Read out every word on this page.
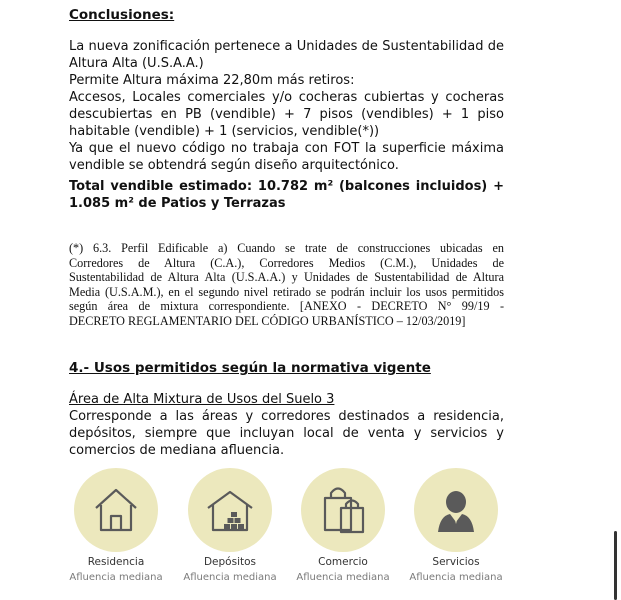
Conclusiones:
La nueva zonificación pertenece a Unidades de Sustentabilidad de
Altura Alta (U.S.A.A.)
Permite Altura máxima 22,80m más retiros:
Accesos, Locales comerciales y/o cocheras cubiertas y cocheras
descubiertas en PB (vendible) + 7 pisos (vendibles) + 1 piso
habitable (vendible) + 1 (servicios, vendible(*))
Ya que el nuevo código no trabaja con FOT la superficie máxima
vendible se obtendrá según diseño arquitectónico.
Total vendible estimado: 10.782 m² (balcones incluidos) +
1.085 m² de Patios y Terrazas
(*) 6.3. Perfil Edificable a) Cuando se trate de construcciones ubicadas en
Corredores de Altura (C.A.), Corredores Medios (C.M.), Unidades de
Sustentabilidad de Altura Alta (U.S.A.A.) y Unidades de Sustentabilidad de Altura
Media (U.S.A.M.), en el segundo nivel retirado se podrán incluir los usos permitidos
según área de mixtura correspondiente. [ANEXO - DECRETO N° 99/19 -
DECRETO REGLAMENTARIO DEL CÓDIGO URBANÍSTICO – 12/03/2019]
4.- Usos permitidos según la normativa vigente
Área de Alta Mixtura de Usos del Suelo 3
Corresponde a las áreas y corredores destinados a residencia,
depósitos, siempre que incluyan local de venta y servicios y
comercios de mediana afluencia.
Residencia
Afluencia mediana
Depósitos
Afluencia mediana
Comercio
Afluencia mediana
Servicios
Afluencia mediana
